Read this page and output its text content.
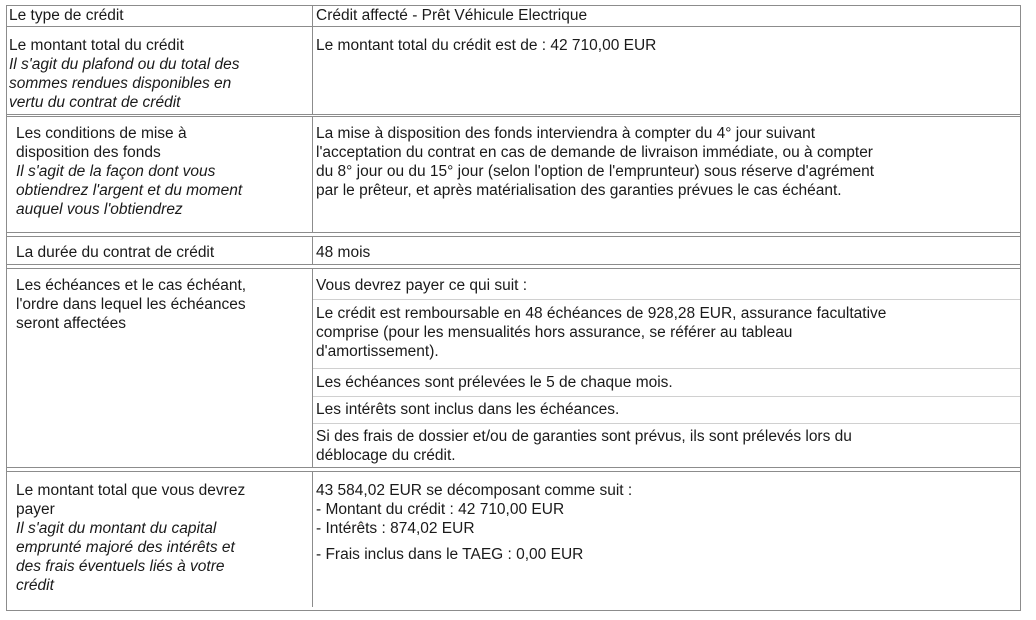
Le type de crédit	Crédit affecté - Prêt Véhicule Electrique
Le montant total du crédit
Il s'agit du plafond ou du total des
sommes rendues disponibles en
vertu du contrat de crédit
Le montant total du crédit est de : 42 710,00 EUR
Les conditions de mise à
disposition des fonds
Il s'agit de la façon dont vous
obtiendrez l'argent et du moment
auquel vous l'obtiendrez
La mise à disposition des fonds interviendra à compter du 4° jour suivant
l'acceptation du contrat en cas de demande de livraison immédiate, ou à compter
du 8° jour ou du 15° jour (selon l'option de l'emprunteur) sous réserve d'agrément
par le prêteur, et après matérialisation des garanties prévues le cas échéant.
La durée du contrat de crédit	48 mois
Les échéances et le cas échéant,
l'ordre dans lequel les échéances
seront affectées
Vous devrez payer ce qui suit :
Le crédit est remboursable en 48 échéances de 928,28 EUR, assurance facultative
comprise (pour les mensualités hors assurance, se référer au tableau
d'amortissement).
Les échéances sont prélevées le 5 de chaque mois.
Les intérêts sont inclus dans les échéances.
Si des frais de dossier et/ou de garanties sont prévus, ils sont prélevés lors du
déblocage du crédit.
Le montant total que vous devrez
payer
Il s'agit du montant du capital
emprunté majoré des intérêts et
des frais éventuels liés à votre
crédit
43 584,02 EUR se décomposant comme suit :
- Montant du crédit : 42 710,00 EUR
- Intérêts : 874,02 EUR
- Frais inclus dans le TAEG : 0,00 EUR
